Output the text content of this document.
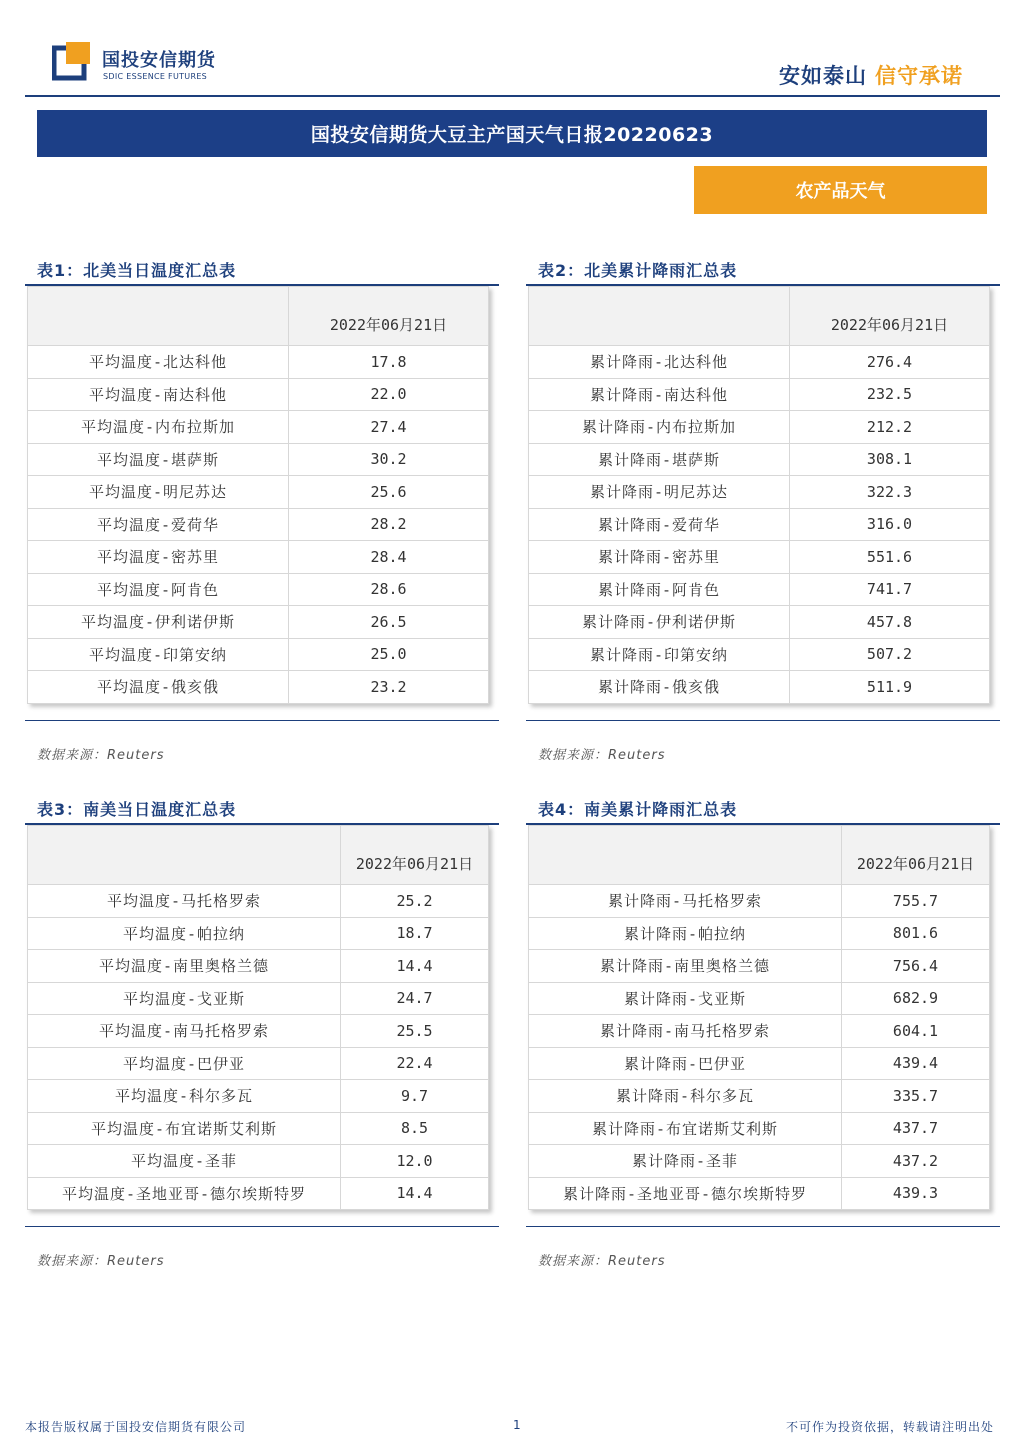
国投安信期货
SDIC ESSENCE FUTURES	安如泰山 信守承诺
国投安信期货大豆主产国天气日报20220623
农产品天气
表1：北美当日温度汇总表
	2022年06月21日
平均温度-北达科他	17.8
平均温度-南达科他	22.0
平均温度-内布拉斯加	27.4
平均温度-堪萨斯	30.2
平均温度-明尼苏达	25.6
平均温度-爱荷华	28.2
平均温度-密苏里	28.4
平均温度-阿肯色	28.6
平均温度-伊利诺伊斯	26.5
平均温度-印第安纳	25.0
平均温度-俄亥俄	23.2
数据来源：Reuters
表2：北美累计降雨汇总表
	2022年06月21日
累计降雨-北达科他	276.4
累计降雨-南达科他	232.5
累计降雨-内布拉斯加	212.2
累计降雨-堪萨斯	308.1
累计降雨-明尼苏达	322.3
累计降雨-爱荷华	316.0
累计降雨-密苏里	551.6
累计降雨-阿肯色	741.7
累计降雨-伊利诺伊斯	457.8
累计降雨-印第安纳	507.2
累计降雨-俄亥俄	511.9
数据来源：Reuters
表3：南美当日温度汇总表
	2022年06月21日
平均温度-马托格罗索	25.2
平均温度-帕拉纳	18.7
平均温度-南里奥格兰德	14.4
平均温度-戈亚斯	24.7
平均温度-南马托格罗索	25.5
平均温度-巴伊亚	22.4
平均温度-科尔多瓦	9.7
平均温度-布宜诺斯艾利斯	8.5
平均温度-圣菲	12.0
平均温度-圣地亚哥-德尔埃斯特罗	14.4
数据来源：Reuters
表4：南美累计降雨汇总表
	2022年06月21日
累计降雨-马托格罗索	755.7
累计降雨-帕拉纳	801.6
累计降雨-南里奥格兰德	756.4
累计降雨-戈亚斯	682.9
累计降雨-南马托格罗索	604.1
累计降雨-巴伊亚	439.4
累计降雨-科尔多瓦	335.7
累计降雨-布宜诺斯艾利斯	437.7
累计降雨-圣菲	437.2
累计降雨-圣地亚哥-德尔埃斯特罗	439.3
数据来源：Reuters
本报告版权属于国投安信期货有限公司	1	不可作为投资依据，转载请注明出处
